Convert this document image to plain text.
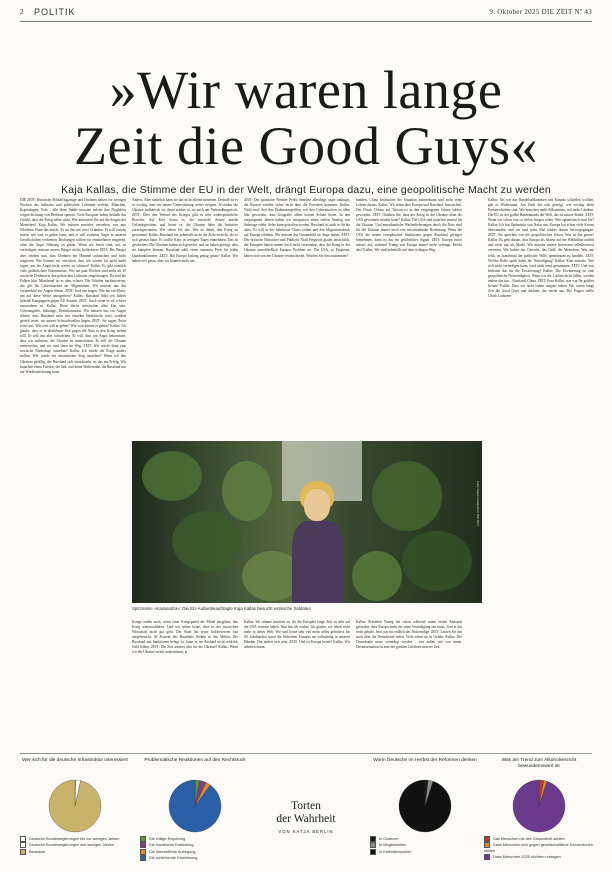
2 POLITIK	9. Oktober 2025 DIE ZEIT Nº 43
»Wir waren lange
Zeit die Good Guys«
Kaja Kallas, die Stimme der EU in der Welt, drängt Europa dazu, eine geopolitische Macht zu werden

DIE ZEIT: Russische Militärflugzeuge und Drohnen halten vor wenigen Wochen das baltische und polnischen Luftraum verletzt. München, Kopenhagen, Oslo – alle diese Städte mussten zuletzt ihre Flughäfen wegen Sichtung von Drohnen sperren. Viele Europäer haben deshalb das Gefühl, dass der Krieg näher rückt. Wie antworten Sie auf die Sorgen der Menschen? Kaja Kallas: Wir müssen zunächst verstehen, was nun Wladimir Putin das macht. Er tut das aus zwei Gründen: Er will erstens testen, wie weit er gehen kann, und er will zweitens Angst in unseren Gesellschaften verbreiten. Drohungen sollten wir ernstnehmen reagieren, ohne die Angst Nährung zu geben. Wenn wir bereit sind, uns zu verteidigen, müssen unsere Bürger nichts befürchten. ZEIT: Die Bürger aber erleben nun, dass Drohnen am Himmel auftauchen und nicht reagieren. Wie können wir erreichen, dass wir wieder für nicht mehr sagen, um die Angst nicht weiter zu schüren? Kallas: Es gibt nämlich viele gefährlichere Erkenntnisse. Wie ein paar Wochen sind mehr als 20 russische Drohnen in den polnischen Luftraum eingedrungen. Da sind die Falken klar. Manchmal ist es aber schwer. Die Urheber nachzuweisen, das gilt für Cyberattacken im Allgemeinen. Wir müssen uns das Gesamtbild vor Augen führen. ZEIT: Und um fragen: Wie hat ein Motiv, um auf diese Weise anzugreifen? Kallas: Russland führt seit Jahren hybride Kampagnen gegen EU-Staaten. ZEIT: Auch wenn es oft schwer zuzuordnen ist. Kallas: Diese dürfte inzwischen allen klar sein: Cyberangriffe, Sabotage, Desinformation. Wir müssen uns vor Augen führen, dass Russland nicht nur einzelne Nadelstiche setzt, sondern gezielt testet, wo unsere Schwachstellen liegen. ZEIT: Sie sagen, Putin testet uns. Wie weit will er gehen? Wie weit könnte er gehen? Kallas: Ich glaube, dass er in absehbarer Zeit gegen die Nato in den Krieg ziehen will. Er will uns aber schwächen. Er will, dass wir Angst bekommen, dass wir aufhören, die Ukraine zu unterstützen. Er will die Ukraine unterwerfen, und wir sind dann im Weg. ZEIT: Wie würde denn eine russische Niederlage aussehen? Kallas: Ich würde die Frage anders stellen: Wie würde ein ukrainischer Sieg aussehen? Wenn ich den Ukrainer gefällig, der Russland sich zurückzieht, ist das ein Erfolg. Wir brauchen einen Frieden, der hält, und keine Waffenruhe, die Russland nur zur Wiederaufrüstung nutzt.

Anders. Aber natürlich kann sie das nicht alleine stemmen. Deshalb ist es so wichtig, dass wir unsere Unterstützung weiter steigern. Je stärker die Ukraine militärisch ist, desto stärker ist sie auch am Verhandlungstisch. ZEIT: Über den Verlauf des Krieges gibt es sehr widersprüchliche Berichte. Auf Kiev heisst es, die russische Armee mache Geländegewinne, mal heisst es, die Ukraine hätte die Initiative zurückgewonnen. Wie sehen Sie das: Wer ist dabei, den Krieg zu gewinnen? Kallas: Russland hat jedenfalls nicht die Ziele erreicht, die es sich gesetzt hatte. Es wollte Kiew in wenigen Tagen einnehmen. Das ist gescheitert. Die Ukrainer haben sich gewehrt, und sie haben gezeigt, dass sie kämpfen können. Russland zahlt einen enormen Preis für jeden Quadratkilometer. ZEIT: Hat Europa bislang genug getan? Kallas: Wir haben viel getan, aber wir können mehr tun.

ZEIT: Der spanische Premier Pedro Sánchez allerdings sagte unlängst, die Russen würden sicher nicht über die Pyrenäen kommen. Kallas: Nicht mal: Seit den Drohnenangriffen, seit den Cyberattacken ist allen klar geworden, dass Geografie allein keinen Schutz bietet. In den vergangenen Jahren haben wir europaweit einen steilen Anstieg von Sabotage erlebt. Jeder kann getroffen werden. Russland ist auch in Afrika aktiv. Es will in der Sahelzone Chaos stiften und den Migrationsdruck auf Europa erhöhen. Wir müssen das Gesamtbild im Auge haben. ZEIT: Der britische Historiker und Publizist Niall Ferguson glaubt tatsächlich, die Europäer hätten immer noch nicht verstanden, dass der Krieg in der Ukraine ausschließlich Europas Problem sei. Die USA, so Ferguson, hätten sich von der Ukraine verabschiedet. Würden Sie ihm zustimmen?

bunden. China beobachtet die Situation aufmerksam und zieht seine Lehren daraus. Kallas: Wir reden über Europa und Russland. Inzwischen. Der Druck Chinas auf Taiwan ist in den vergangenen Jahren stärker geworden. ZEIT: Glauben Sie, dass der Krieg in der Ukraine ohne die USA gewonnen werden kann? Kallas: Die USA sind natürlich zentral für die Ukraine. Und amerikanische Waffenlieferungen durch die Nato sind für die Ukraine immer noch von entscheidender Bedeutung. Wenn die USA die neuen europäischen Sanktionen gegen Russland geringer hinnehmen, dann ist das ein gefährliches Signal. ZEIT: Europa rüstet massiv auf, während Trump von Europa immer mehr verlangt. Reicht das? Kallas: Wir sind jedenfalls auf dem richtigen Weg.

Kallas: Als wir das Handelsabkommen mit Kanada schließen wollten, gab es Widerstand. Am Ende hat sich gezeigt, wie wichtig diese Partnerschaften sind. Wir brauchen mehr Abkommen, mit mehr Ländern. Die EU ist der größte Binnenmarkt der Welt, das ist unsere Stärke. ZEIT: Wenn wir schon von so vielen Sorgen reden: Wie optimistisch sind Sie? Kallas: Ich bin Optimistin von Natur aus. Europa hat schon viele Krisen überstanden, und wir sind jedes Mal stärker daraus hervorgegangen. ZEIT: Sie sprechen von der geopolitischen Union. Was ist das genau? Kallas: Es geht darum, dass Europa als Akteur auf der Weltbühne auftritt und nicht nur als Markt. Wir müssen unsere Interessen selbstbewusst vertreten. Wir haben das Gewicht, das Geld, die Menschen. Was uns fehlt, ist manchmal der politische Wille, gemeinsam zu handeln. ZEIT: Welche Rolle spielt dabei die Verteidigung? Kallas: Eine zentrale. Wer sich nicht verteidigen kann, wird nicht ernst genommen. ZEIT: Und was bedeutet das für die Erweiterung? Kallas: Die Erweiterung ist eine geopolitische Notwendigkeit. Wenn wir die Lücken nicht füllen, werden andere das tun – Russland, China. ZEIT: Frau Kallas, was war Ihr größter Irrtum? Kallas: Dass wir nicht früher reagiert haben. Wir waren lange Zeit die Good Guys und dachten, das reiche aus. Die Fragen stellte Ulrich Ladurner

Foto: Name Fotograf für DIE ZEIT
Spitzname »Kassandra«: Die EU-Außenbeauftragte Kaja Kallas besucht estnische Soldaten

Kriege enden nach, wenn einer Kriegspartei die Mittel ausgehen, den Krieg weiterzuführen. Und wir sehen heute, dass es der russischen Wirtschaft nicht gut geht. Der Staat hat seine Goldreserven fast aufgebraucht. 40 Prozent des Haushalts fließen in das Militär. Die Russland mit Sanktionen belegt ist, kann es im Ausland nicht wirklich Geld leihen. ZEIT: Die Zeit arbeitet also für die Ukraine? Kallas: Wenn wir die Ukraine weiter unterstützen, ja.

Kallas: Ich stimme insofern zu, als die Europäer lange Zeit zu sehr auf die USA vertraut haben. Nun bin ich vorbei. Ich glaube, wir leben nicht mehr in dieser Welt. Wir sind heute sehr viel mehr selbst gefordert. Im 20. Jahrhundert stand die Sicherheit Europas nie vollständig in unseren Händen. Das ändert sich jetzt. ZEIT: Und ist Europa bereit? Kallas: Wir arbeiten daran.

Kallas: Präsident Trump hat schon während seiner ersten Amtszeit gefordert, dass Europa mehr für seine Verteidigung tun muss. Und er hat recht gehabt. Jetzt tun wir endlich das Notwendige. ZEIT: Lassen Sie uns noch über die Demokratie reden. Viele sehen sie in Gefahr. Kallas: Die Demokratie muss verteidigt werden – von außen wie von innen. Desinformation ist eine der größten Gefahren unserer Zeit.

Wer sich für die deutsche Infrastruktur interessiert
Deutsche Bundesregierungen bis vor wenigen Jahren
Deutsche Bundesregierungen seit wenigen Jahren
Baustaub
Problematische Reaktionen auf den Rechtsruck
Die völlige Empörung
Die moralische Entrüstung
Die überzeitliche Aufregung
Die schlichende Gewöhnung
Torten
der Wahrheit
VON KATJA BERLIN
Worin Deutsche im Herbst der Reformen denken
In Chancen
In Möglichkeiten
In Kalenderwochen
Was am Trend zum Alkoholverzicht bewundernswert ist
Das Menschen mit den Gesundheit achten
Dass Menschen sich gegen gesellschaftliche Konventionen stellen
Dass Menschen 2025 nüchtern ertragen
